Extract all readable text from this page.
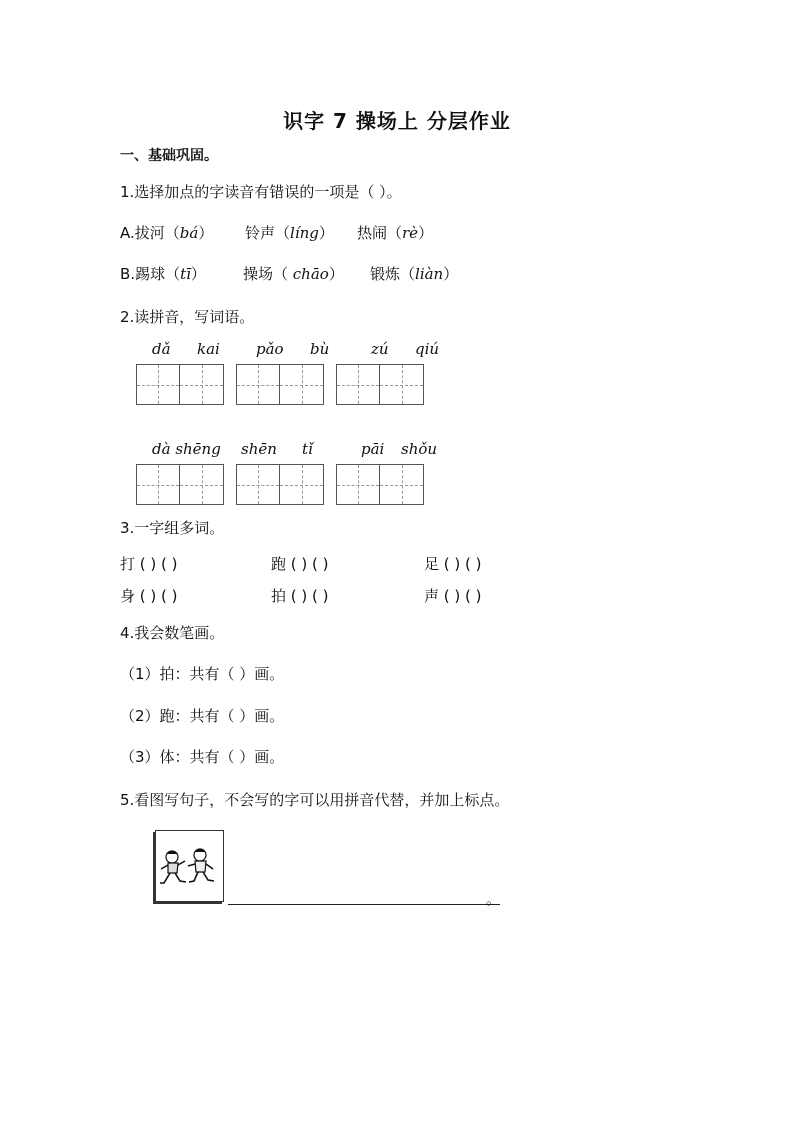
识字 7 操场上 分层作业
一、基础巩固。
1.选择加点的字读音有错误的一项是（ ）。
A.拔河（bá） 铃声（líng） 热闹（rè）
B.踢球（tī） 操场（ chāo） 锻炼（liàn）
2.读拼音，写词语。
dǎ kai pǎo bù	zú qiú
dà shēng shēn tǐ	pāi shǒu
3.一字组多词。
打 ( ) ( )	跑 ( ) ( )	足 ( ) ( )
身 ( ) ( )	拍 ( ) ( )	声 ( ) ( )
4.我会数笔画。
（1）拍：共有（ ）画。
（2）跑：共有（ ）画。
（3）体：共有（ ）画。
5.看图写句子，不会写的字可以用拼音代替，并加上标点。
。
